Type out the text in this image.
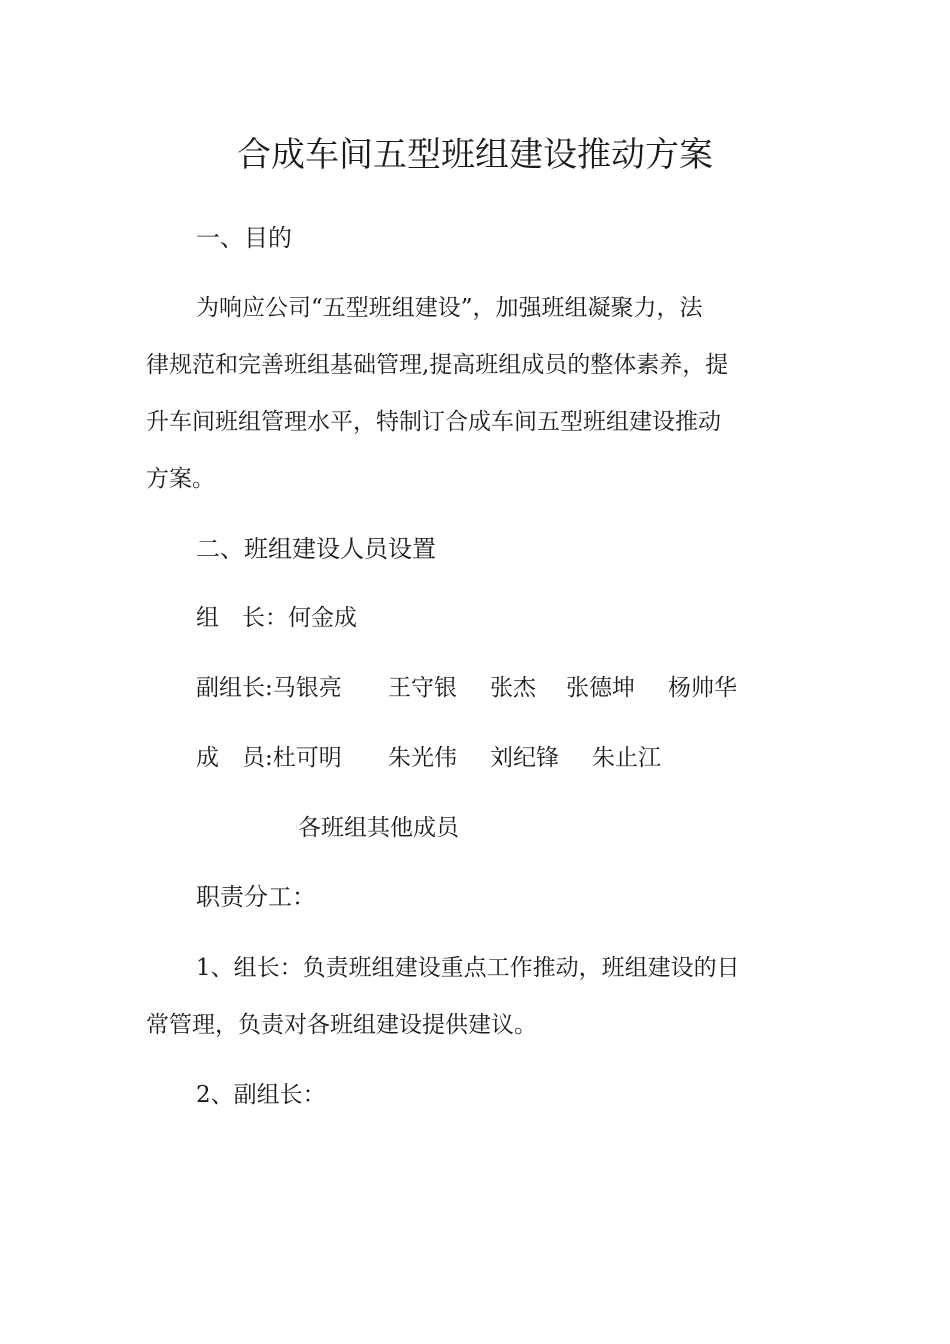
合成车间五型班组建设推动方案
一、目的
为响应公司“五型班组建设”，加强班组凝聚力，法
律规范和完善班组基础管理,提高班组成员的整体素养，提
升车间班组管理水平，特制订合成车间五型班组建设推动
方案。
二、班组建设人员设置
组　长：何金成
副组长:马银亮 王守银 张杰 张德坤 杨帅华
成　员:杜可明 朱光伟 刘纪锋 朱止江
各班组其他成员
职责分工：
1、组长：负责班组建设重点工作推动，班组建设的日
常管理，负责对各班组建设提供建议。
2、副组长：
